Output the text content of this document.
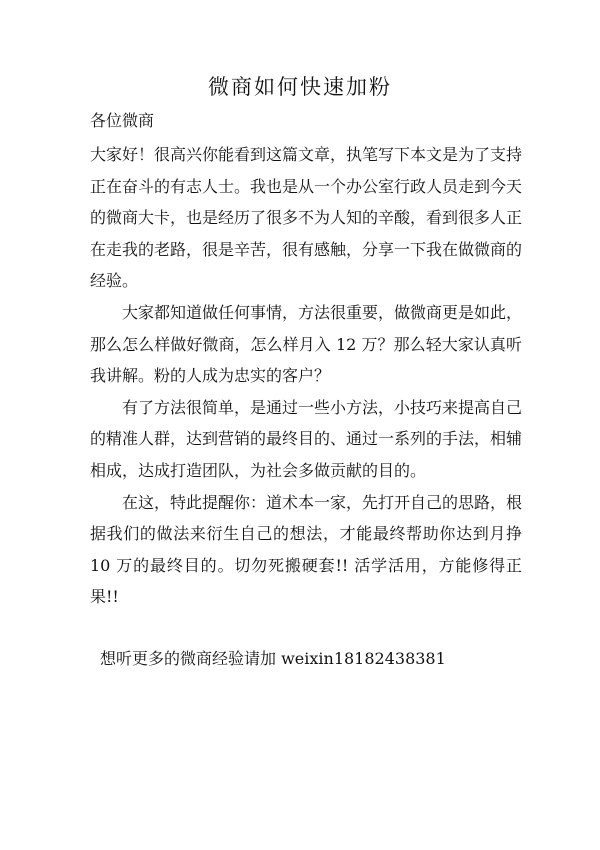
微商如何快速加粉
各位微商

大家好！很高兴你能看到这篇文章，执笔写下本文是为了支持正在奋斗的有志人士。我也是从一个办公室行政人员走到今天的微商大卡，也是经历了很多不为人知的辛酸，看到很多人正在走我的老路，很是辛苦，很有感触，分享一下我在做微商的经验。

大家都知道做任何事情，方法很重要，做微商更是如此，那么怎么样做好微商，怎么样月入 12 万？那么轻大家认真听我讲解。粉的人成为忠实的客户？

有了方法很简单，是通过一些小方法，小技巧来提高自己的精准人群，达到营销的最终目的、通过一系列的手法，相辅相成，达成打造团队，为社会多做贡献的目的。

在这，特此提醒你：道术本一家，先打开自己的思路，根据我们的做法来衍生自己的想法，才能最终帮助你达到月挣 10 万的最终目的。切勿死搬硬套!! 活学活用，方能修得正果!!

想听更多的微商经验请加 weixin18182438381
